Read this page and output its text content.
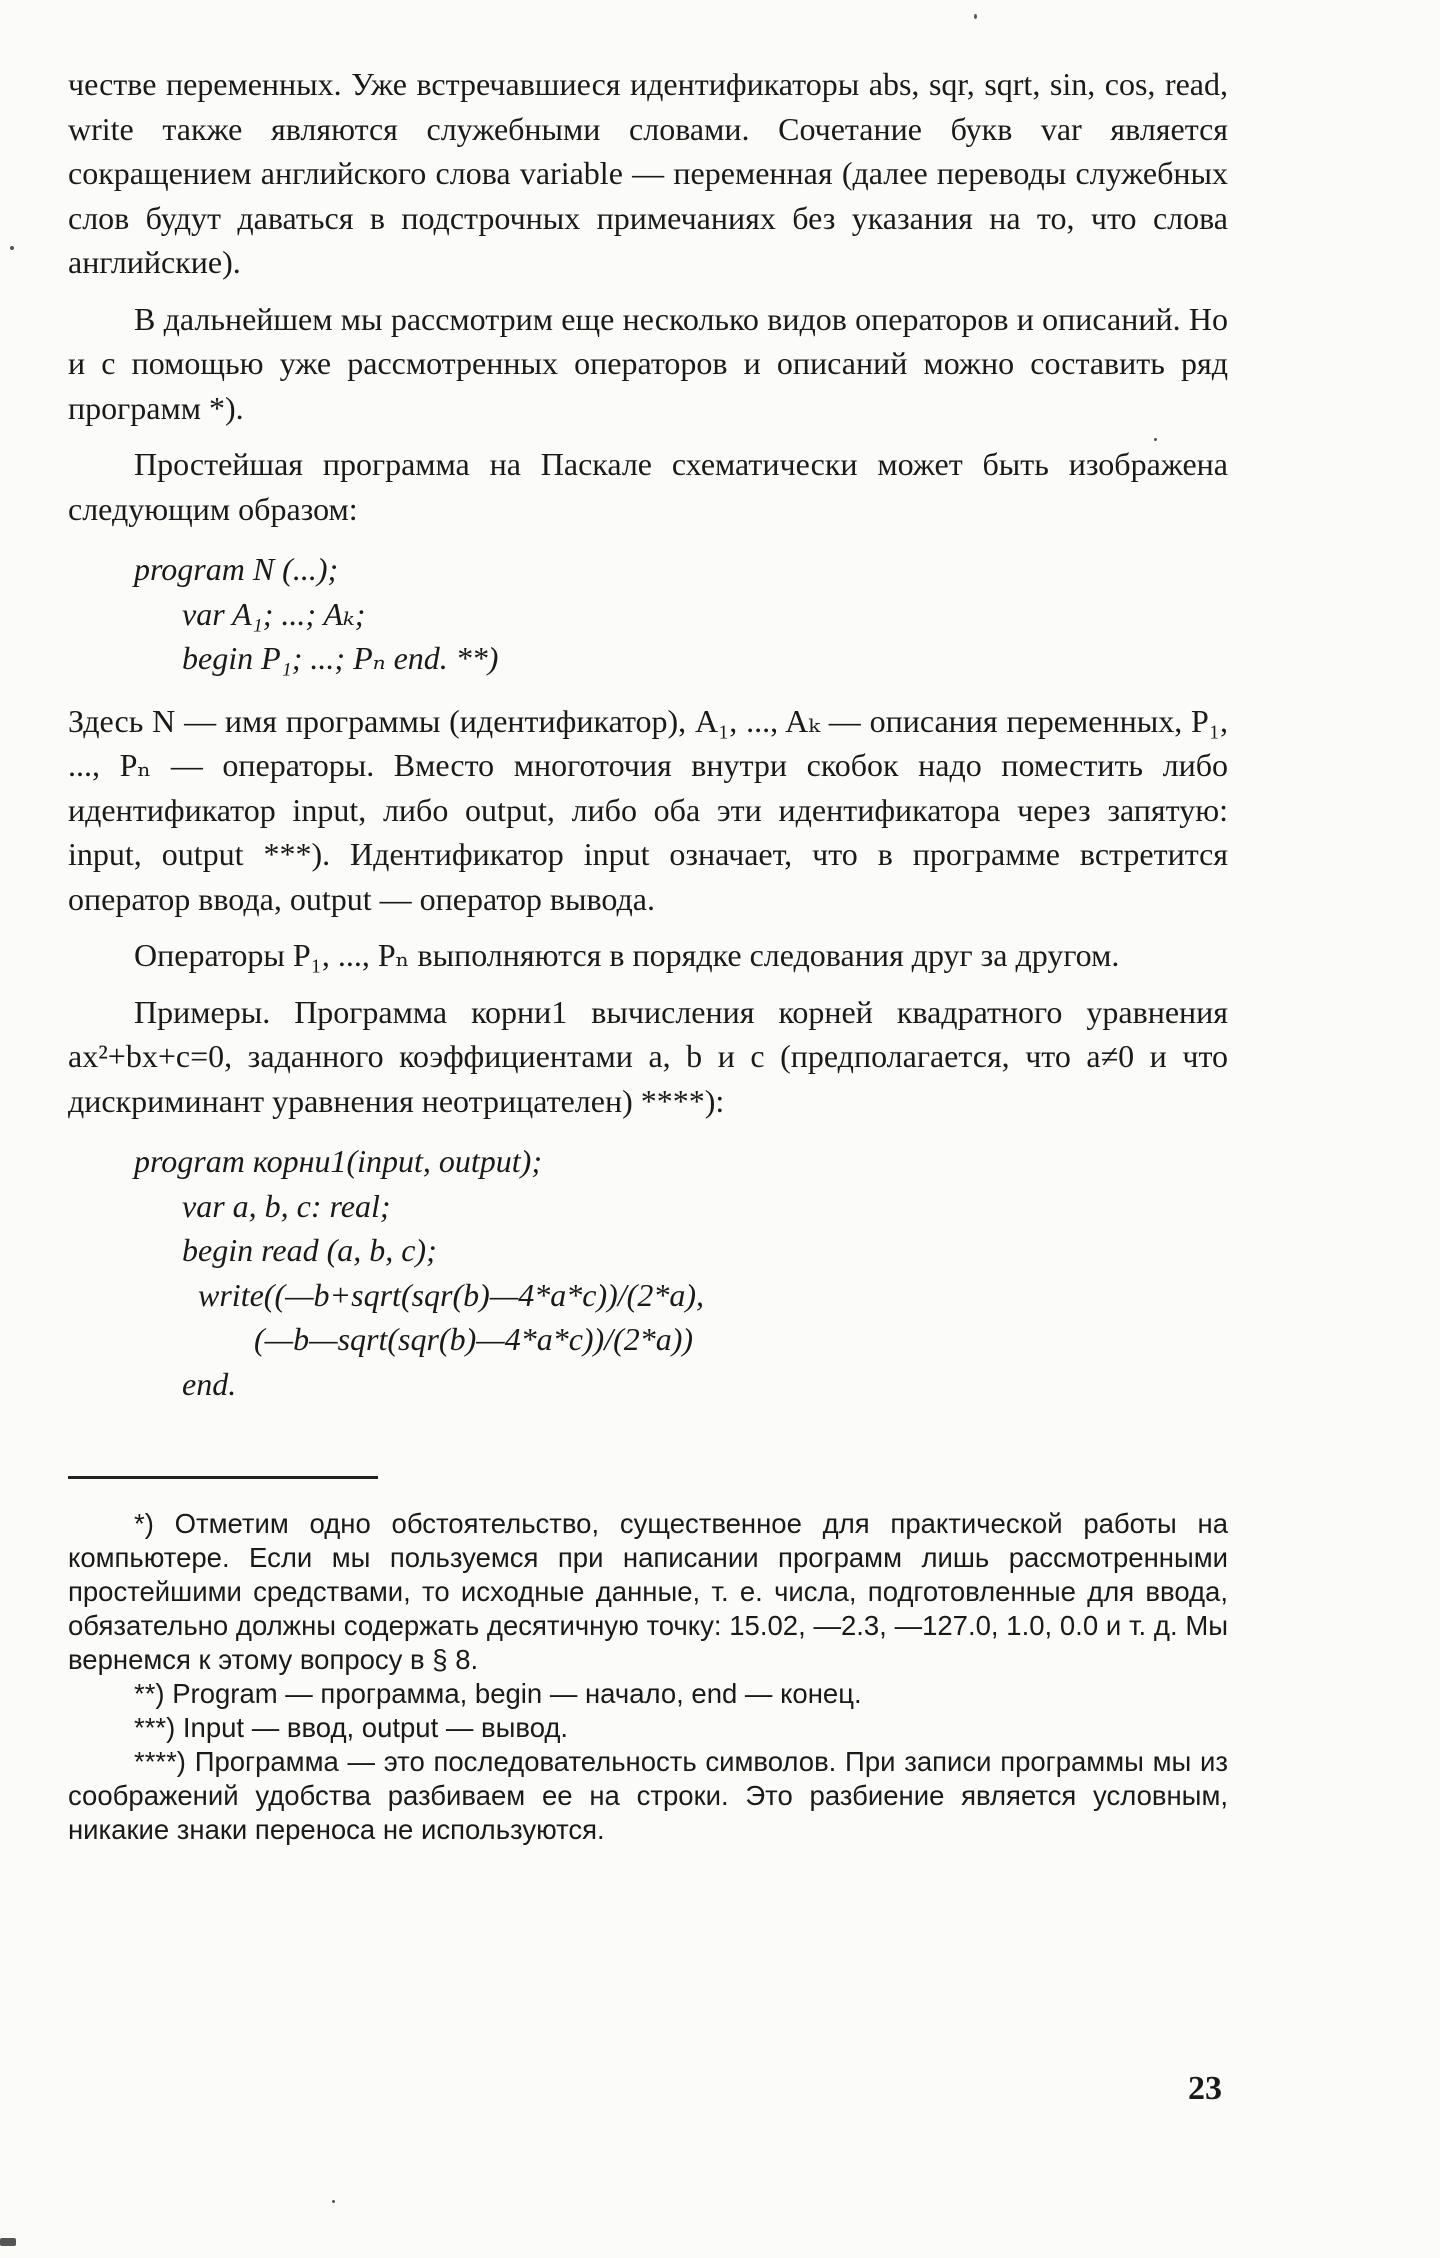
честве переменных. Уже встречавшиеся идентификаторы abs, sqr, sqrt, sin, cos, read, write также являются служебными словами. Сочетание букв var является сокращением английского слова variable — переменная (далее переводы служебных слов будут даваться в подстрочных примечаниях без указания на то, что слова английские).

В дальнейшем мы рассмотрим еще несколько видов операторов и описаний. Но и с помощью уже рассмотренных операторов и описаний можно составить ряд программ *).

Простейшая программа на Паскале схематически может быть изображена следующим образом:

program N (...);
var A₁; ...; Aₖ;
begin P₁; ...; Pₙ end. **)

Здесь N — имя программы (идентификатор), A₁, ..., Aₖ — описания переменных, P₁, ..., Pₙ — операторы. Вместо многоточия внутри скобок надо поместить либо идентификатор input, либо output, либо оба эти идентификатора через запятую: input, output ***). Идентификатор input означает, что в программе встретится оператор ввода, output — оператор вывода.

Операторы P₁, ..., Pₙ выполняются в порядке следования друг за другом.

Примеры. Программа корни1 вычисления корней квадратного уравнения ax²+bx+c=0, заданного коэффициентами a, b и c (предполагается, что a≠0 и что дискриминант уравнения неотрицателен) ****):

program корни1(input, output);
var a, b, c: real;
begin read (a, b, c);
write((—b+sqrt(sqr(b)—4*a*c))/(2*a),
(—b—sqrt(sqr(b)—4*a*c))/(2*a))
end.

*) Отметим одно обстоятельство, существенное для практической работы на компьютере. Если мы пользуемся при написании программ лишь рассмотренными простейшими средствами, то исходные данные, т. е. числа, подготовленные для ввода, обязательно должны содержать десятичную точку: 15.02, —2.3, —127.0, 1.0, 0.0 и т. д. Мы вернемся к этому вопросу в § 8.

**) Program — программа, begin — начало, end — конец.

***) Input — ввод, output — вывод.

****) Программа — это последовательность символов. При записи программы мы из соображений удобства разбиваем ее на строки. Это разбиение является условным, никакие знаки переноса не используются.

23
